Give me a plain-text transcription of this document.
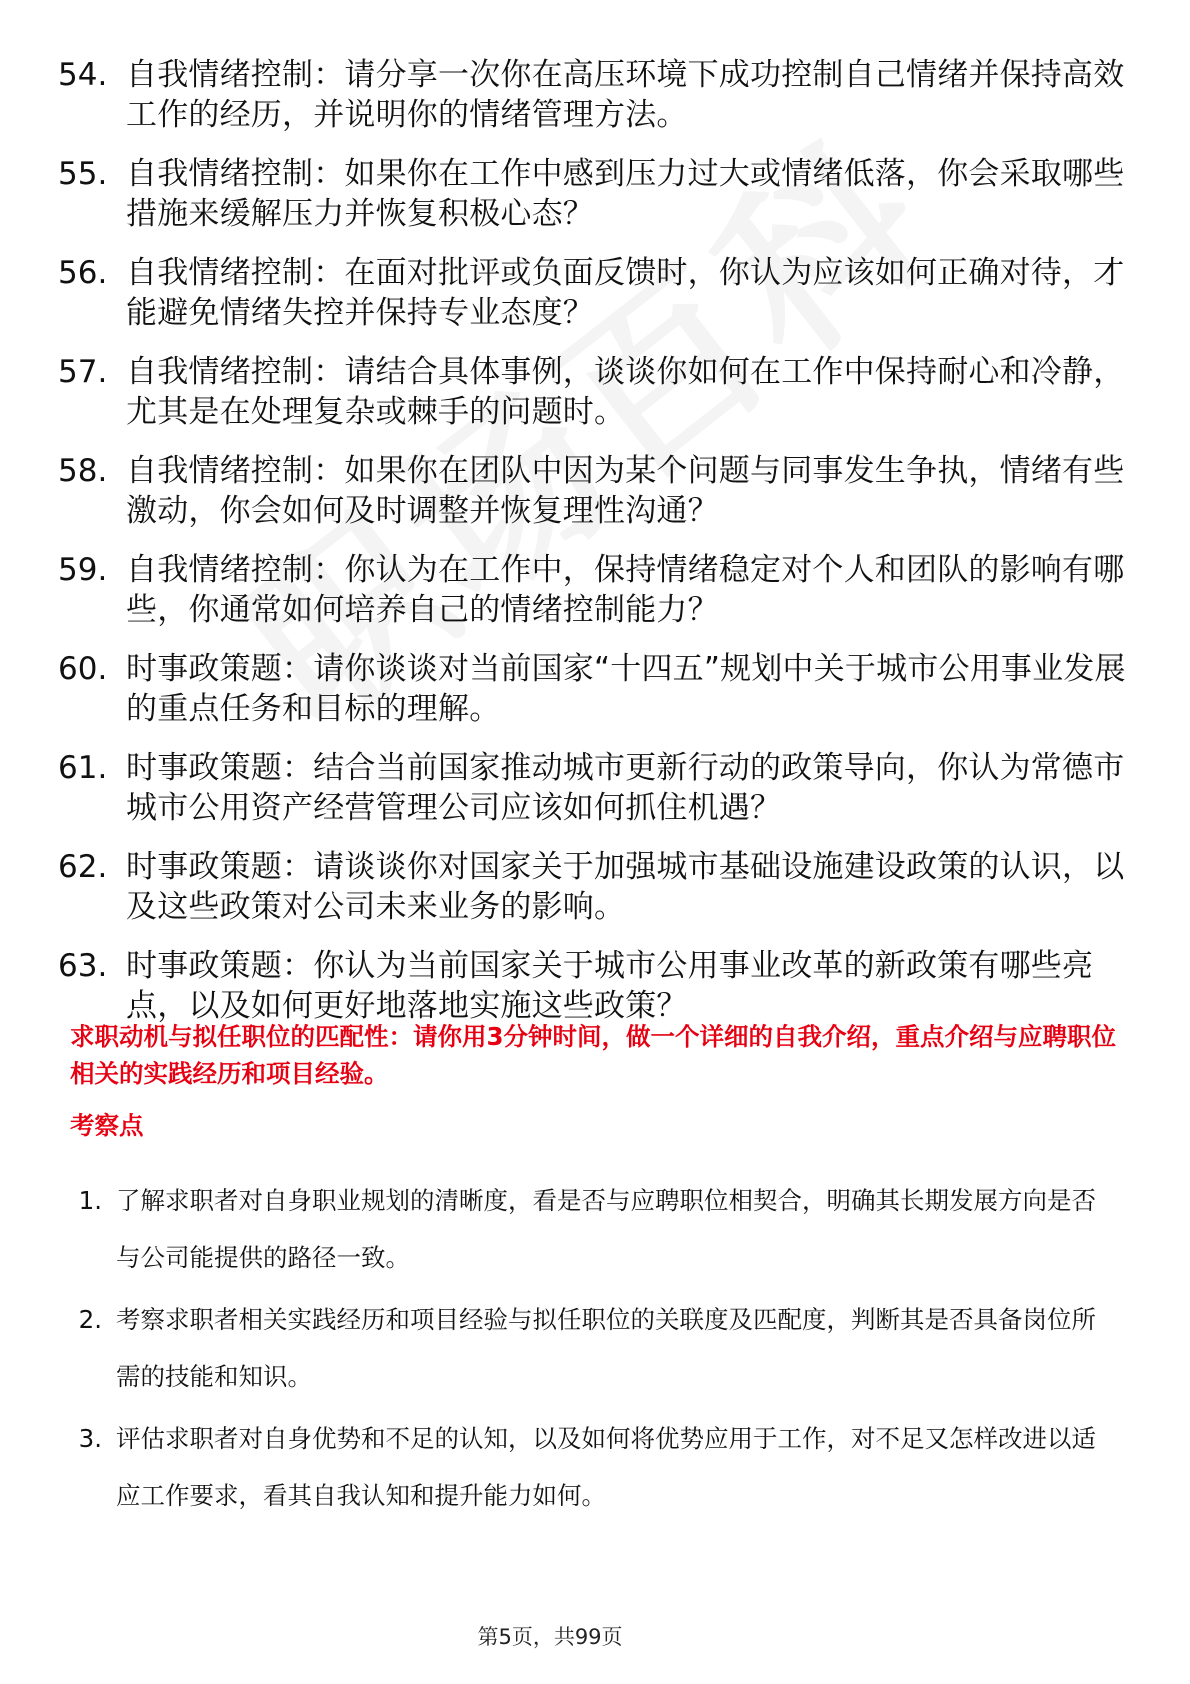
54. 自我情绪控制：请分享一次你在高压环境下成功控制自己情绪并保持高效工作的经历，并说明你的情绪管理方法。
55. 自我情绪控制：如果你在工作中感到压力过大或情绪低落，你会采取哪些措施来缓解压力并恢复积极心态？
56. 自我情绪控制：在面对批评或负面反馈时，你认为应该如何正确对待，才能避免情绪失控并保持专业态度？
57. 自我情绪控制：请结合具体事例，谈谈你如何在工作中保持耐心和冷静，尤其是在处理复杂或棘手的问题时。
58. 自我情绪控制：如果你在团队中因为某个问题与同事发生争执，情绪有些激动，你会如何及时调整并恢复理性沟通？
59. 自我情绪控制：你认为在工作中，保持情绪稳定对个人和团队的影响有哪些，你通常如何培养自己的情绪控制能力？
60. 时事政策题：请你谈谈对当前国家“十四五”规划中关于城市公用事业发展的重点任务和目标的理解。
61. 时事政策题：结合当前国家推动城市更新行动的政策导向，你认为常德市城市公用资产经营管理公司应该如何抓住机遇？
62. 时事政策题：请谈谈你对国家关于加强城市基础设施建设政策的认识，以及这些政策对公司未来业务的影响。
63. 时事政策题：你认为当前国家关于城市公用事业改革的新政策有哪些亮点，以及如何更好地落地实施这些政策？
求职动机与拟任职位的匹配性：请你用3分钟时间，做一个详细的自我介绍，重点介绍与应聘职位相关的实践经历和项目经验。
考察点
1. 了解求职者对自身职业规划的清晰度，看是否与应聘职位相契合，明确其长期发展方向是否与公司能提供的路径一致。
2. 考察求职者相关实践经历和项目经验与拟任职位的关联度及匹配度，判断其是否具备岗位所需的技能和知识。
3. 评估求职者对自身优势和不足的认知，以及如何将优势应用于工作，对不足又怎样改进以适应工作要求，看其自我认知和提升能力如何。
第5页，共99页
